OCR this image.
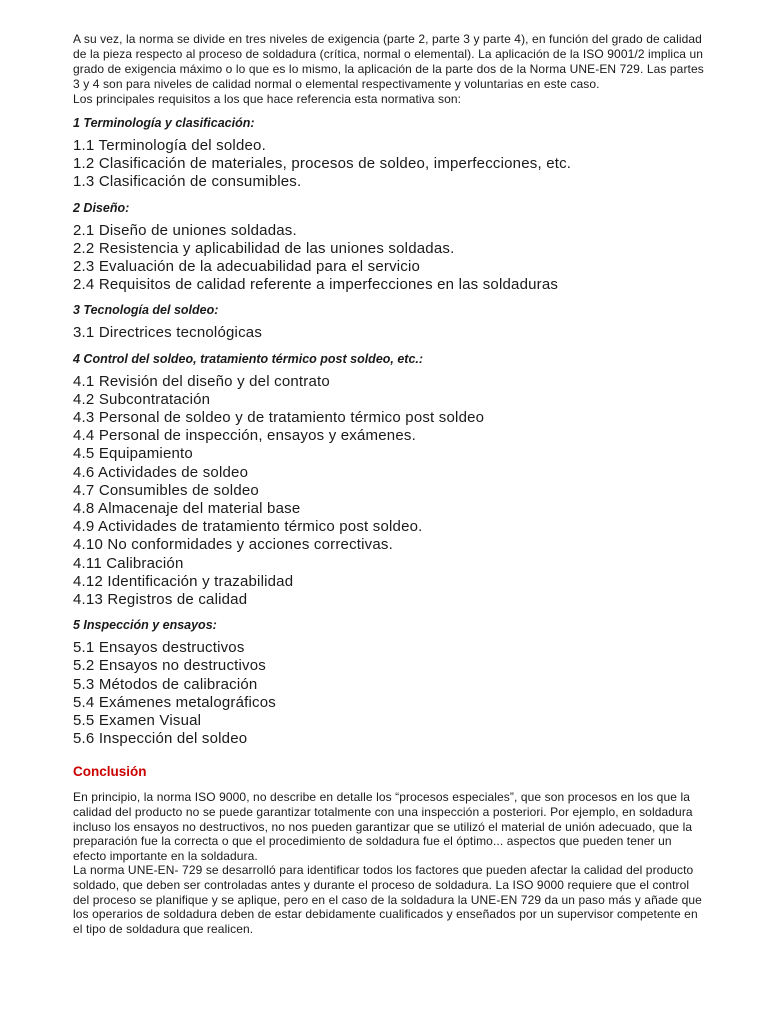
A su vez, la norma se divide en tres niveles de exigencia (parte 2, parte 3 y parte 4), en función del grado de calidad de la pieza respecto al proceso de soldadura (crítica, normal o elemental). La aplicación de la ISO 9001/2 implica un grado de exigencia máximo o lo que es lo mismo, la aplicación de la parte dos de la Norma UNE-EN 729. Las partes 3 y 4 son para niveles de calidad normal o elemental respectivamente y voluntarias en este caso.

Los principales requisitos a los que hace referencia esta normativa son:

1 Terminología y clasificación:
1.1 Terminología del soldeo.
1.2 Clasificación de materiales, procesos de soldeo, imperfecciones, etc.
1.3 Clasificación de consumibles.
2 Diseño:
2.1 Diseño de uniones soldadas.
2.2 Resistencia y aplicabilidad de las uniones soldadas.
2.3 Evaluación de la adecuabilidad para el servicio
2.4 Requisitos de calidad referente a imperfecciones en las soldaduras
3 Tecnología del soldeo:
3.1 Directrices tecnológicas
4 Control del soldeo, tratamiento térmico post soldeo, etc.:
4.1 Revisión del diseño y del contrato
4.2 Subcontratación
4.3 Personal de soldeo y de tratamiento térmico post soldeo
4.4 Personal de inspección, ensayos y exámenes.
4.5 Equipamiento
4.6 Actividades de soldeo
4.7 Consumibles de soldeo
4.8 Almacenaje del material base
4.9 Actividades de tratamiento térmico post soldeo.
4.10 No conformidades y acciones correctivas.
4.11 Calibración
4.12 Identificación y trazabilidad
4.13 Registros de calidad
5 Inspección y ensayos:
5.1 Ensayos destructivos
5.2 Ensayos no destructivos
5.3 Métodos de calibración
5.4 Exámenes metalográficos
5.5 Examen Visual
5.6 Inspección del soldeo
Conclusión

En principio, la norma ISO 9000, no describe en detalle los “procesos especiales”, que son procesos en los que la calidad del producto no se puede garantizar totalmente con una inspección a posteriori. Por ejemplo, en soldadura incluso los ensayos no destructivos, no nos pueden garantizar que se utilizó el material de unión adecuado, que la preparación fue la correcta o que el procedimiento de soldadura fue el óptimo... aspectos que pueden tener un efecto importante en la soldadura.

La norma UNE-EN- 729 se desarrolló para identificar todos los factores que pueden afectar la calidad del producto soldado, que deben ser controladas antes y durante el proceso de soldadura. La ISO 9000 requiere que el control del proceso se planifique y se aplique, pero en el caso de la soldadura la UNE-EN 729 da un paso más y añade que los operarios de soldadura deben de estar debidamente cualificados y enseñados por un supervisor competente en el tipo de soldadura que realicen.
